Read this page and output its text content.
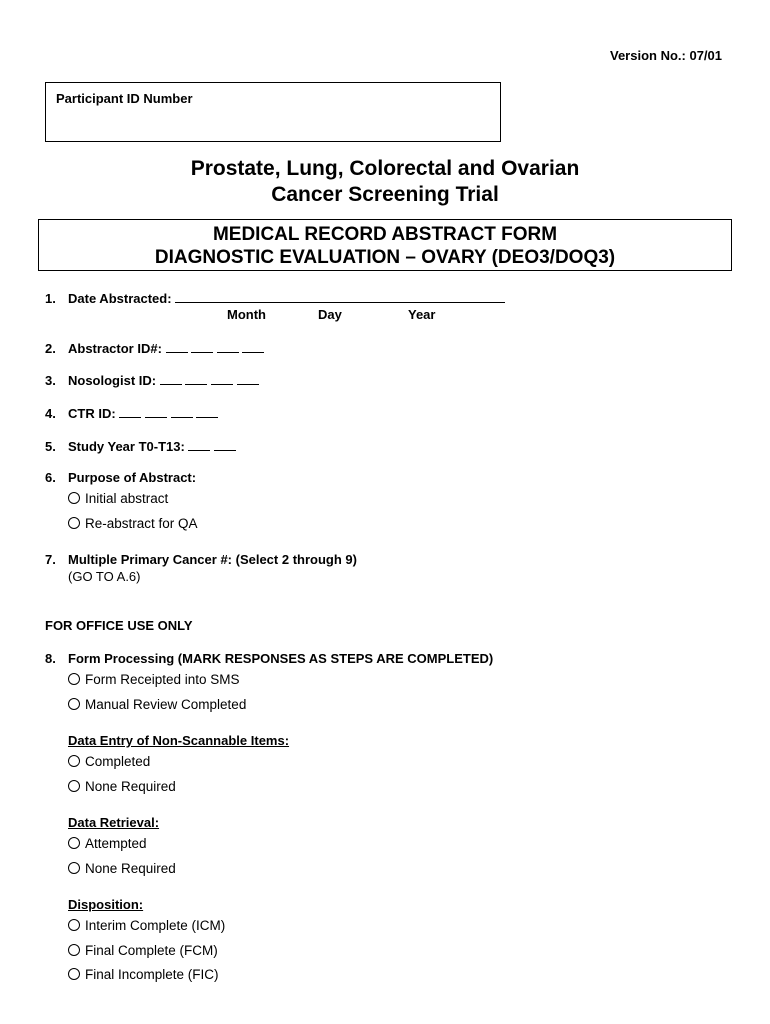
Version No.: 07/01
Participant ID Number
Prostate, Lung, Colorectal and Ovarian
Cancer Screening Trial
MEDICAL RECORD ABSTRACT FORM
DIAGNOSTIC EVALUATION – OVARY (DEO3/DOQ3)
1. Date Abstracted:
Month	Day	Year
2. Abstractor ID#:
3. Nosologist ID:
4. CTR ID:
5. Study Year T0-T13:
6. Purpose of Abstract:
Initial abstract
Re-abstract for QA
7. Multiple Primary Cancer #: (Select 2 through 9)
(GO TO A.6)
FOR OFFICE USE ONLY
8. Form Processing (MARK RESPONSES AS STEPS ARE COMPLETED)
Form Receipted into SMS
Manual Review Completed
Data Entry of Non-Scannable Items:
Completed
None Required
Data Retrieval:
Attempted
None Required
Disposition:
Interim Complete (ICM)
Final Complete (FCM)
Final Incomplete (FIC)
